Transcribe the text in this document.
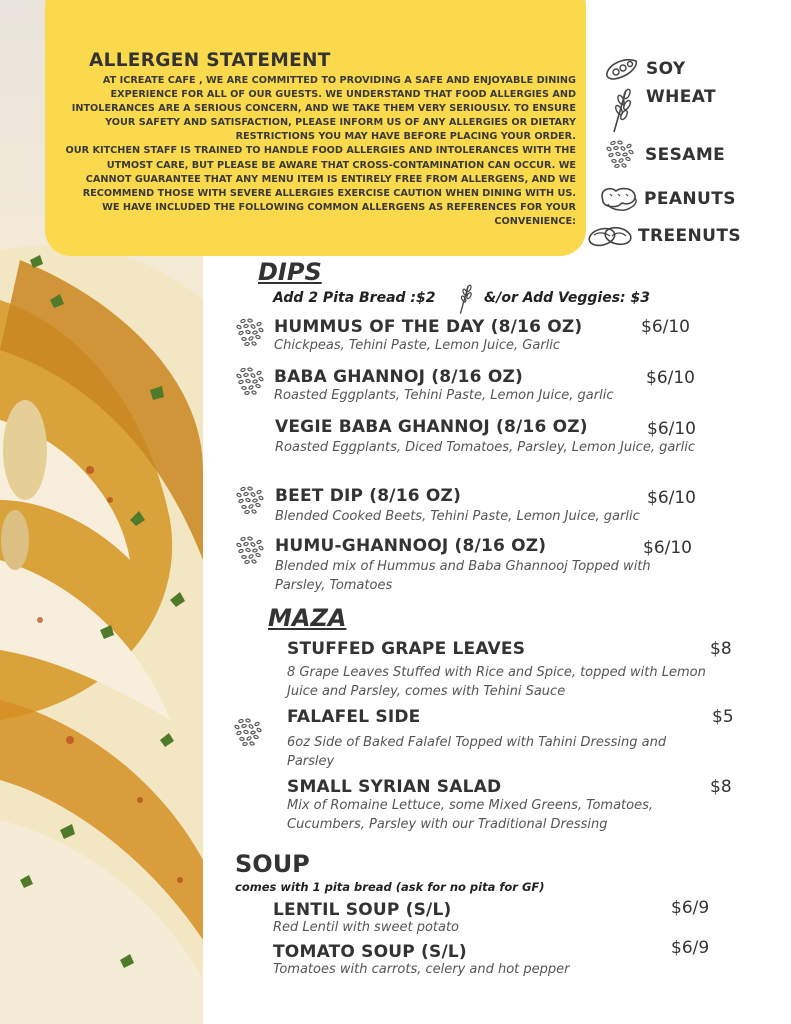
ALLERGEN STATEMENT

AT ICREATE CAFE , WE ARE COMMITTED TO PROVIDING A SAFE AND ENJOYABLE DINING EXPERIENCE FOR ALL OF OUR GUESTS. WE UNDERSTAND THAT FOOD ALLERGIES AND INTOLERANCES ARE A SERIOUS CONCERN, AND WE TAKE THEM VERY SERIOUSLY. TO ENSURE YOUR SAFETY AND SATISFACTION, PLEASE INFORM US OF ANY ALLERGIES OR DIETARY RESTRICTIONS YOU MAY HAVE BEFORE PLACING YOUR ORDER.

OUR KITCHEN STAFF IS TRAINED TO HANDLE FOOD ALLERGIES AND INTOLERANCES WITH THE UTMOST CARE, BUT PLEASE BE AWARE THAT CROSS-CONTAMINATION CAN OCCUR. WE CANNOT GUARANTEE THAT ANY MENU ITEM IS ENTIRELY FREE FROM ALLERGENS, AND WE RECOMMEND THOSE WITH SEVERE ALLERGIES EXERCISE CAUTION WHEN DINING WITH US.

WE HAVE INCLUDED THE FOLLOWING COMMON ALLERGENS AS REFERENCES FOR YOUR CONVENIENCE:

SOY
WHEAT
SESAME
PEANUTS
TREENUTS
DIPS
Add 2 Pita Bread :$2	&/or Add Veggies: $3
HUMMUS OF THE DAY (8/16 OZ)	$6/10
Chickpeas, Tehini Paste, Lemon Juice, Garlic
BABA GHANNOJ (8/16 OZ)	$6/10
Roasted Eggplants, Tehini Paste, Lemon Juice, garlic
VEGIE BABA GHANNOJ (8/16 OZ)	$6/10
Roasted Eggplants, Diced Tomatoes, Parsley, Lemon Juice, garlic
BEET DIP (8/16 OZ)	$6/10
Blended Cooked Beets, Tehini Paste, Lemon Juice, garlic
HUMU-GHANNOOJ (8/16 OZ)	$6/10
Blended mix of Hummus and Baba Ghannooj Topped with Parsley, Tomatoes
MAZA
STUFFED GRAPE LEAVES	$8
8 Grape Leaves Stuffed with Rice and Spice, topped with Lemon Juice and Parsley, comes with Tehini Sauce
FALAFEL SIDE	$5
6oz Side of Baked Falafel Topped with Tahini Dressing and Parsley
SMALL SYRIAN SALAD	$8
Mix of Romaine Lettuce, some Mixed Greens, Tomatoes, Cucumbers, Parsley with our Traditional Dressing
SOUP
comes with 1 pita bread (ask for no pita for GF)
LENTIL SOUP (S/L)	$6/9
Red Lentil with sweet potato
TOMATO SOUP (S/L)	$6/9
Tomatoes with carrots, celery and hot pepper
